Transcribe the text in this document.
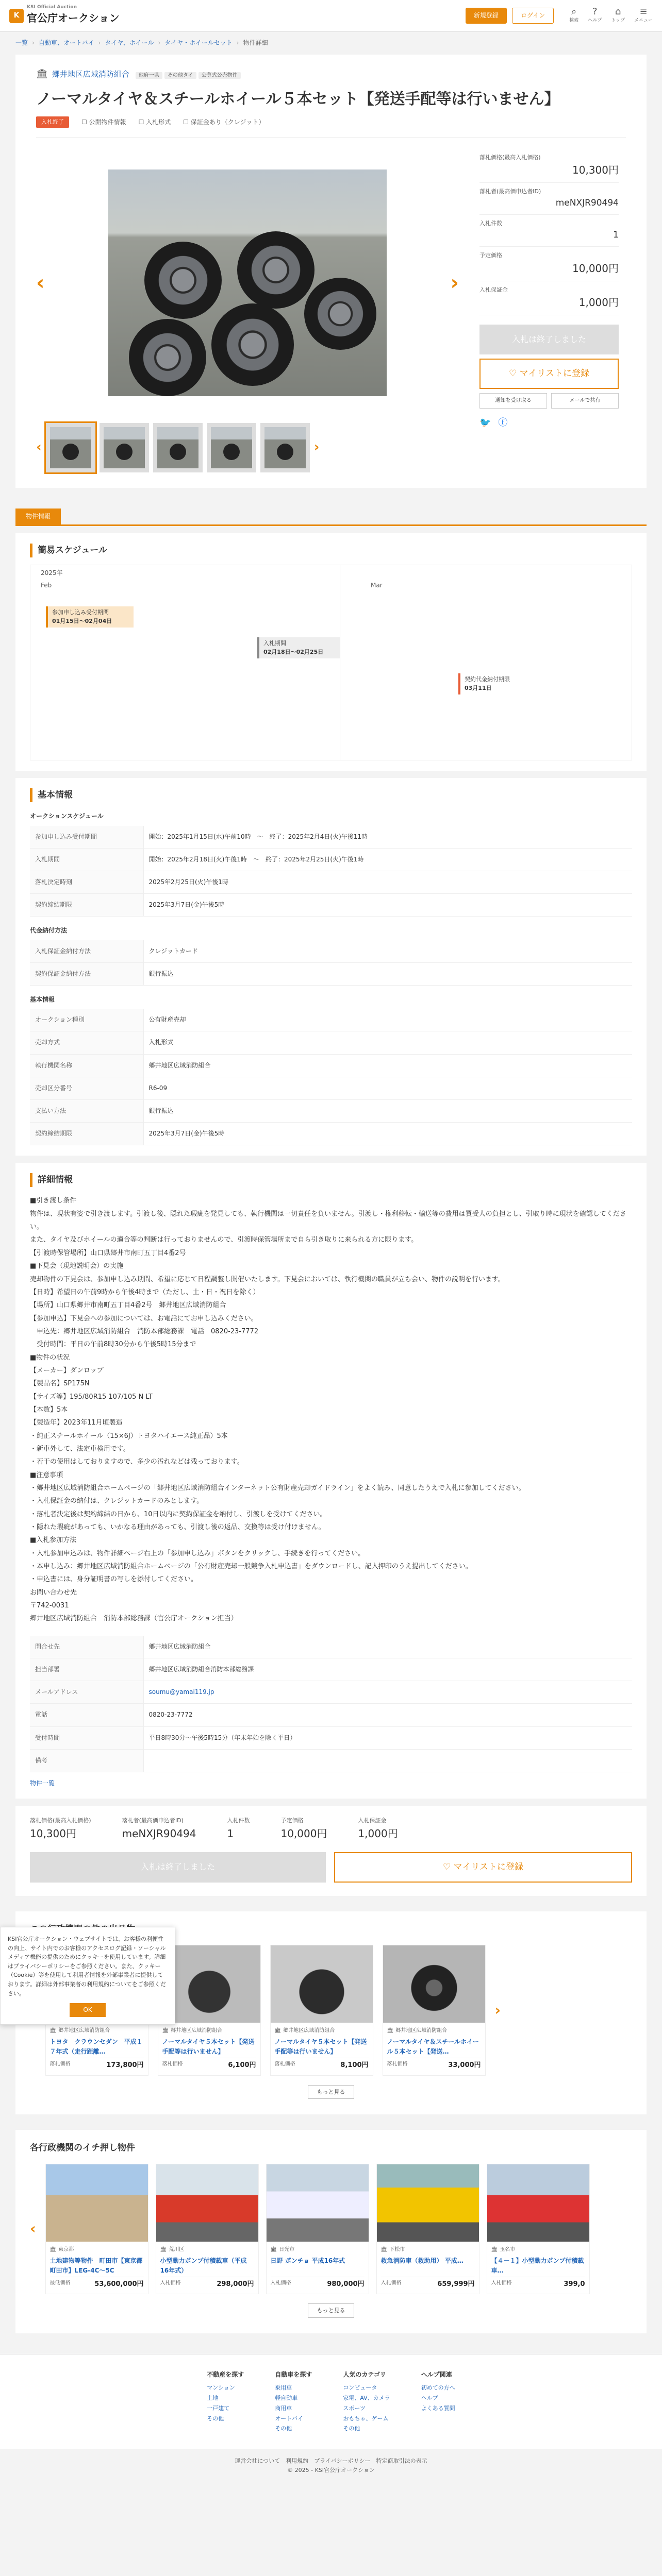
K
KSI Official Auction
官公庁オークション	新規登録	ログイン	⌕
検索
?
ヘルプ
⌂
トップ
≡
メニュー
一覧 › 自動車、オートバイ › タイヤ、ホイール › タイヤ・ホイールセット › 物件詳細
🏛 郷井地区広域消防組合	他府一県 その他タイ 公募式公売物件
ノーマルタイヤ＆スチールホイール５本セット【発送手配等は行いません】
入札終了	☐ 公開物件情報 ☐ 入札形式 ☐ 保証金あり（クレジット）
‹	›
‹	›
落札価格(最高入札価格)
10,300円
落札者(最高価申込者ID)
meNXJR90494
入札件数
1
予定価格
10,000円
入札保証金
1,000円
入札は終了しました
♡ マイリストに登録
通知を受け取る	メールで共有
🐦 ⓕ
物件情報
簡易スケジュール
2025年
Feb	Mar
参加申し込み受付期間
01月15日～02月04日
入札期間
02月18日～02月25日
契約代金納付期限
03月11日
基本情報
オークションスケジュール
参加申し込み受付期間	開始：2025年1月15日(水)午前10時　～　終了：2025年2月4日(火)午後11時
入札期間	開始：2025年2月18日(火)午後1時　～　終了：2025年2月25日(火)午後1時
落札決定時刻	2025年2月25日(火)午後1時
契約締結期限	2025年3月7日(金)午後5時
代金納付方法
入札保証金納付方法	クレジットカード
契約保証金納付方法	銀行振込
基本情報
オークション種別	公有財産売却
売却方式	入札形式
執行機関名称	郷井地区広域消防組合
売却区分番号	R6-09
支払い方法	銀行振込
契約締結期限	2025年3月7日(金)午後5時
詳細情報
■引き渡し条件
物件は、現状有姿で引き渡します。引渡し後、隠れた瑕疵を発見しても、執行機関は一切責任を負いません。引渡し・権利移転・輸送等の費用は買受人の負担とし、引取り時に現状を確認してください。
また、タイヤ及びホイールの適合等の判断は行っておりませんので、引渡時保管場所まで自ら引き取りに来られる方に限ります。
【引渡時保管場所】山口県郷井市南町五丁目4番2号
■下見会（現地説明会）の実施
売却物件の下見会は、参加申し込み期間、希望に応じて日程調整し開催いたします。下見会においては、執行機関の職員が立ち会い、物件の説明を行います。
【日時】希望日の午前9時から午後4時まで（ただし、土・日・祝日を除く）
【場所】山口県郷井市南町五丁目4番2号　郷井地区広域消防組合
【参加申込】下見会への参加については、お電話にてお申し込みください。
　申込先：郷井地区広域消防組合　消防本部総務課　電話　0820-23-7772
　受付時間：平日の午前8時30分から午後5時15分まで
■物件の状況
【メーカー】ダンロップ
【製品名】SP175N
【サイズ等】195/80R15 107/105 N LT
【本数】5本
【製造年】2023年11月頃製造
・純正スチールホイール（15×6J）トヨタハイエース純正品）5本
・新車外して、法定車検用です。
・若干の使用はしておりますので、多少の汚れなどは残っております。
■注意事項
・郷井地区広域消防組合ホームページの「郷井地区広域消防組合インターネット公有財産売却ガイドライン」をよく読み、同意したうえで入札に参加してください。
・入札保証金の納付は、クレジットカードのみとします。
・落札者決定後は契約締結の日から、10日以内に契約保証金を納付し、引渡しを受けてください。
・隠れた瑕疵があっても、いかなる理由があっても、引渡し後の返品、交換等は受け付けません。
■入札参加方法
・入札参加申込みは、物件詳細ページ右上の「参加申し込み」ボタンをクリックし、手続きを行ってください。
・本申し込み：郷井地区広域消防組合ホームページの「公有財産売却一般競争入札申込書」をダウンロードし、記入押印のうえ提出してください。
・申込書には、身分証明書の写しを添付してください。
お問い合わせ先
〒742-0031
郷井地区広域消防組合　消防本部総務課（官公庁オークション担当）
問合せ先	郷井地区広域消防組合
担当部署	郷井地区広域消防組合消防本部総務課
メールアドレス	soumu@yamai119.jp
電話	0820-23-7772
受付時間	平日8時30分～午後5時15分（年末年始を除く平日）
備考	
物件一覧
落札価格(最高入札価格)
10,300円
落札者(最高価申込者ID)
meNXJR90494
入札件数
1
予定価格
10,000円
入札保証金
1,000円
入札は終了しました	♡ マイリストに登録
🏛 郷井地区広域消防組合
トヨタ　クラウンセダン　平成１７年式（走行距離…
落札価格	173,800円
🏛 郷井地区広域消防組合
ノーマルタイヤ５本セット【発送手配等は行いません】
落札価格	6,100円
🏛 郷井地区広域消防組合
ノーマルタイヤ５本セット【発送手配等は行いません】
落札価格	8,100円
🏛 郷井地区広域消防組合
ノーマルタイヤ＆スチールホイール５本セット【発送…
落札価格	33,000円
›
もっと見る
各行政機関のイチ押し物件
‹
🏛 東京都
土地建物等物件　町田市【東京都町田市】LEG-4C～5C
最低価格	53,600,000円
🏛 荒川区
小型動力ポンプ付積載車（平成16年式）
入札価格	298,000円
🏛 日光市
日野 ポンチョ 平成16年式
入札価格	980,000円
🏛 下松市
救急消防車（救助用） 平成…
入札価格	659,999円
🏛 玉名市
【４－１】小型動力ポンプ付積載車…
入札価格	399,0
もっと見る
不動産を探す
マンション
土地
一戸建て
その他
自動車を探す
乗用車
軽自動車
商用車
オートバイ
その他
人気のカテゴリ
コンピュータ
家電、AV、カメラ
スポーツ
おもちゃ、ゲーム
その他
ヘルプ関連
初めての方へ
ヘルプ
よくある質問
運営会社について　利用規約　プライバシーポリシー　特定商取引法の表示
© 2025 - KSI官公庁オークション
KSI官公庁オークション・ウェブサイトでは、お客様の利便性の向上、サイト内でのお客様のアクセスログ記録・ソーシャルメディア機能の提供のためにクッキーを使用しています。詳細はプライバシーポリシーをご参照ください。また、クッキー（Cookie）等を使用して利用者情報を外部事業者に提供しております。詳細は外部事業者の利用規約についてをご参照ください。
OK
